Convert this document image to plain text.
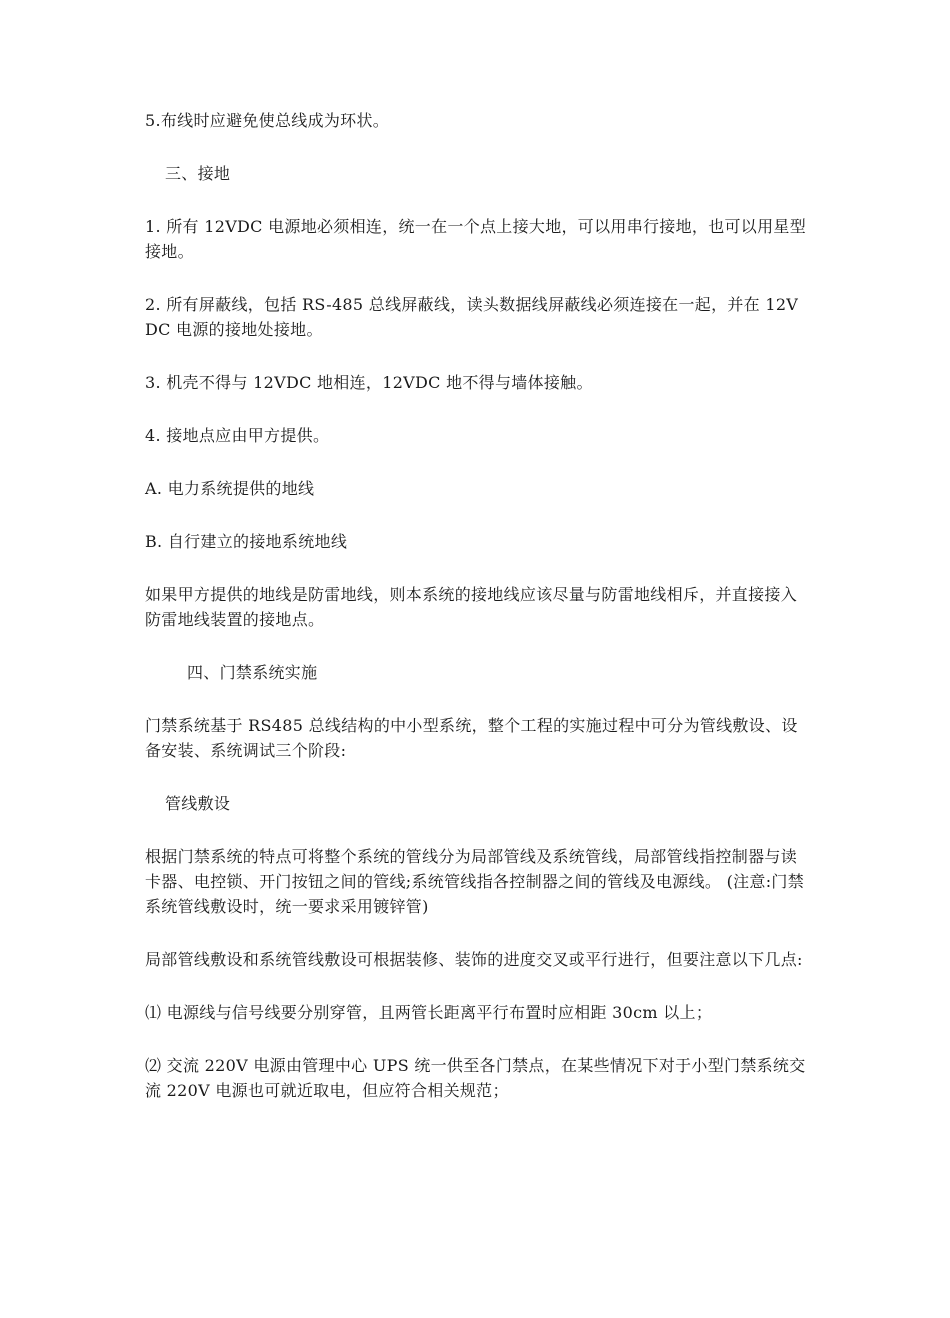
5.布线时应避免使总线成为环状。

三、接地

1. 所有 12VDC 电源地必须相连，统一在一个点上接大地，可以用串行接地，也可以用星型接地。

2. 所有屏蔽线，包括 RS-485 总线屏蔽线，读头数据线屏蔽线必须连接在一起，并在 12VDC 电源的接地处接地。

3. 机壳不得与 12VDC 地相连，12VDC 地不得与墙体接触。

4. 接地点应由甲方提供。

A. 电力系统提供的地线

B. 自行建立的接地系统地线

如果甲方提供的地线是防雷地线，则本系统的接地线应该尽量与防雷地线相斥，并直接接入防雷地线装置的接地点。

四、门禁系统实施

门禁系统基于 RS485 总线结构的中小型系统，整个工程的实施过程中可分为管线敷设、设备安装、系统调试三个阶段:

管线敷设

根据门禁系统的特点可将整个系统的管线分为局部管线及系统管线，局部管线指控制器与读卡器、电控锁、开门按钮之间的管线;系统管线指各控制器之间的管线及电源线。 (注意:门禁系统管线敷设时，统一要求采用镀锌管)

局部管线敷设和系统管线敷设可根据装修、装饰的进度交叉或平行进行，但要注意以下几点:

⑴ 电源线与信号线要分别穿管，且两管长距离平行布置时应相距 30cm 以上；

⑵ 交流 220V 电源由管理中心 UPS 统一供至各门禁点，在某些情况下对于小型门禁系统交流 220V 电源也可就近取电，但应符合相关规范；
